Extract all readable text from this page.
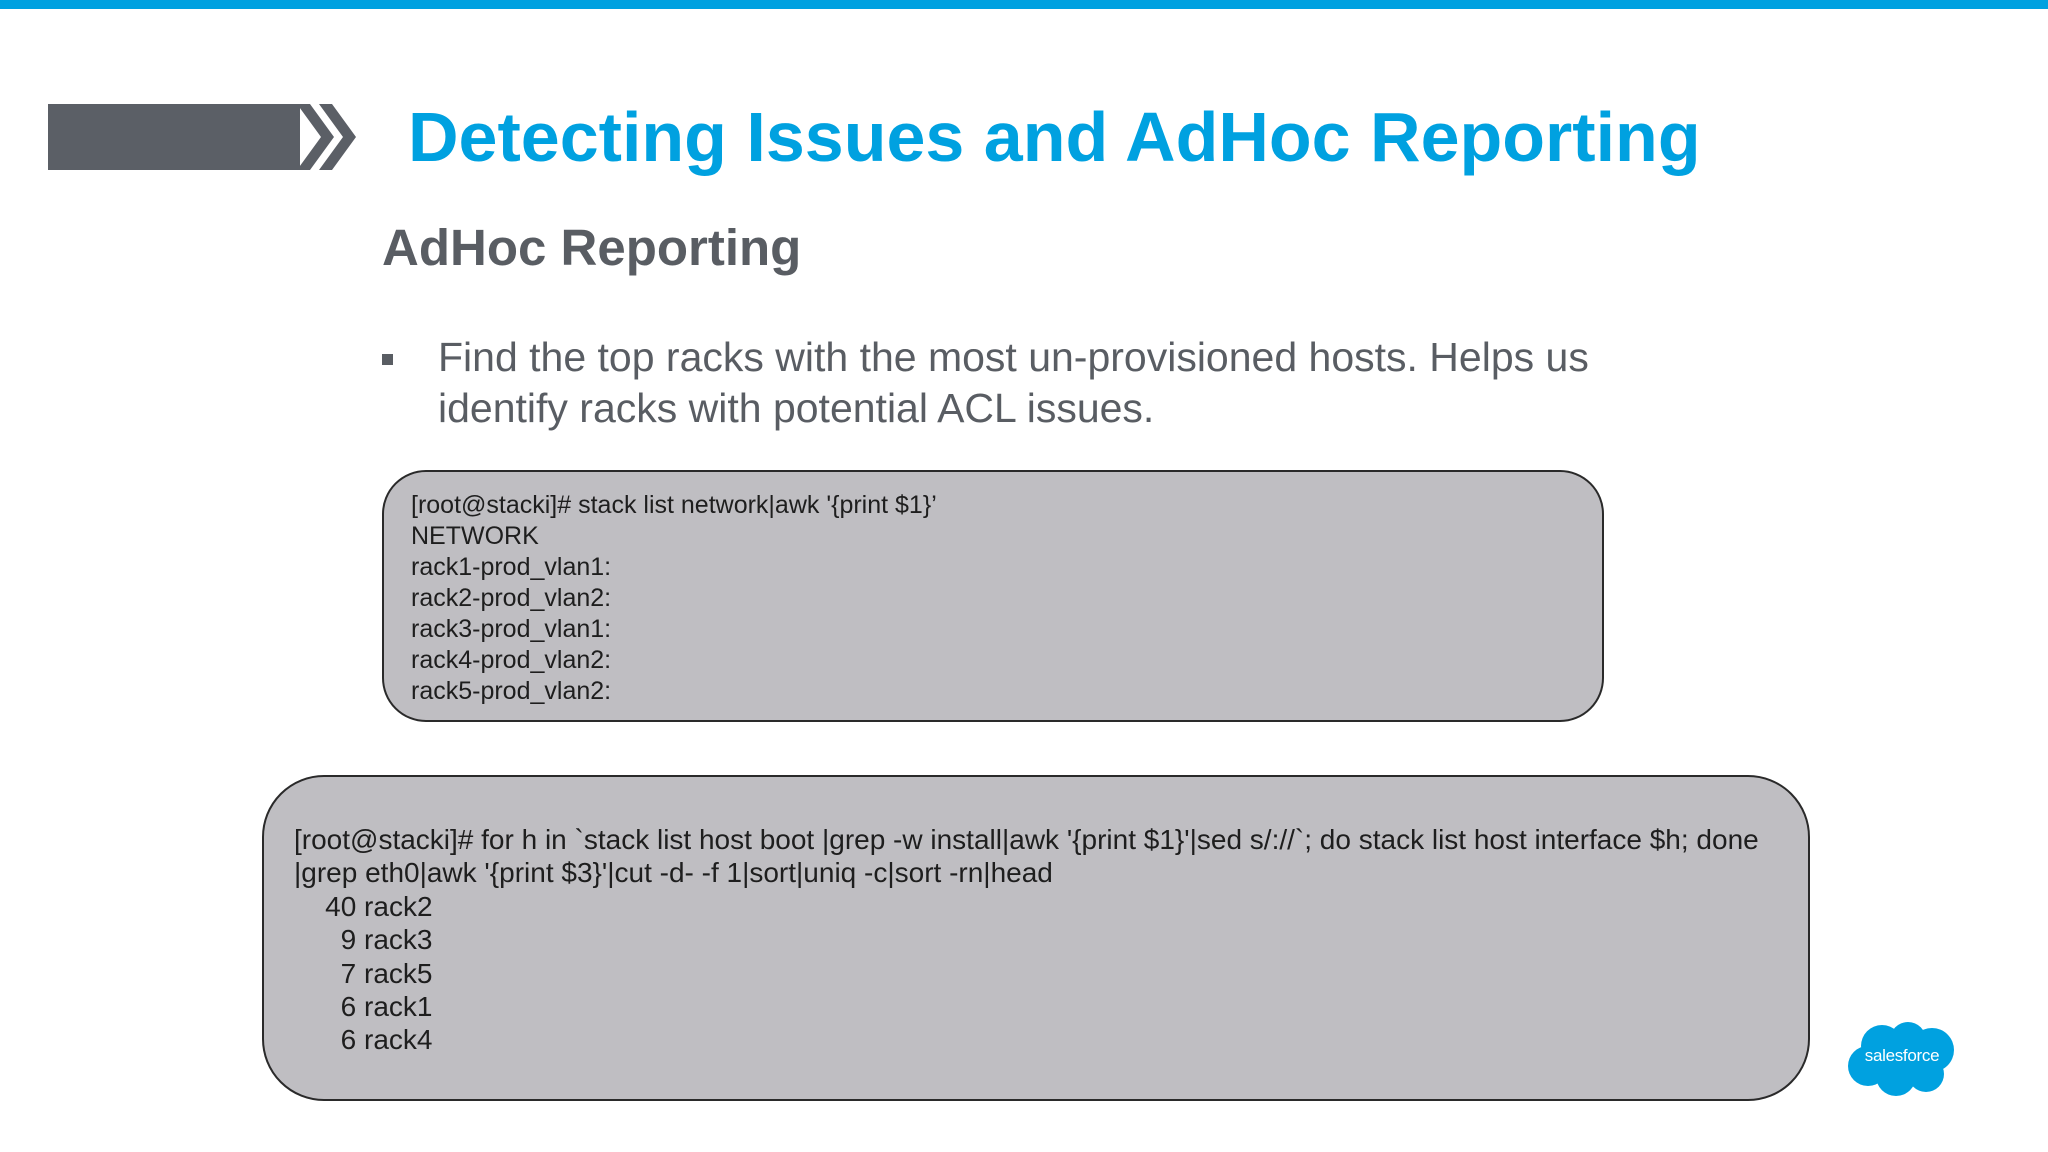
Detecting Issues and AdHoc Reporting
AdHoc Reporting
Find the top racks with the most un-provisioned hosts. Helps us identify racks with potential ACL issues.
[root@stacki]# stack list network|awk '{print $1}’
NETWORK
rack1-prod_vlan1:
rack2-prod_vlan2:
rack3-prod_vlan1:
rack4-prod_vlan2:
rack5-prod_vlan2:
[root@stacki]# for h in `stack list host boot |grep -w install|awk '{print $1}'|sed s/://`; do stack list host interface $h; done
|grep eth0|awk '{print $3}'|cut -d- -f 1|sort|uniq -c|sort -rn|head
40 rack2
9 rack3
7 rack5
6 rack1
6 rack4
salesforce
